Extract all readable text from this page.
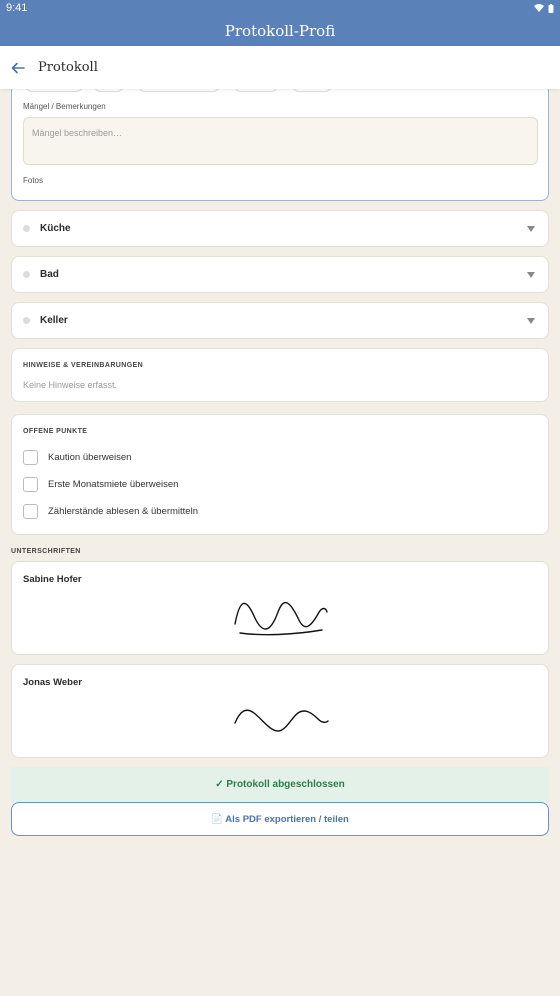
9:41
Protokoll-Profi
Protokoll
Mängel / Bemerkungen
Mängel beschreiben…
Fotos
Küche
Bad
Keller
HINWEISE & VEREINBARUNGEN
Keine Hinweise erfasst.
OFFENE PUNKTE
Kaution überweisen
Erste Monatsmiete überweisen
Zählerstände ablesen & übermitteln
UNTERSCHRIFTEN
Sabine Hofer
Jonas Weber
✓ Protokoll abgeschlossen
📄 Als PDF exportieren / teilen
